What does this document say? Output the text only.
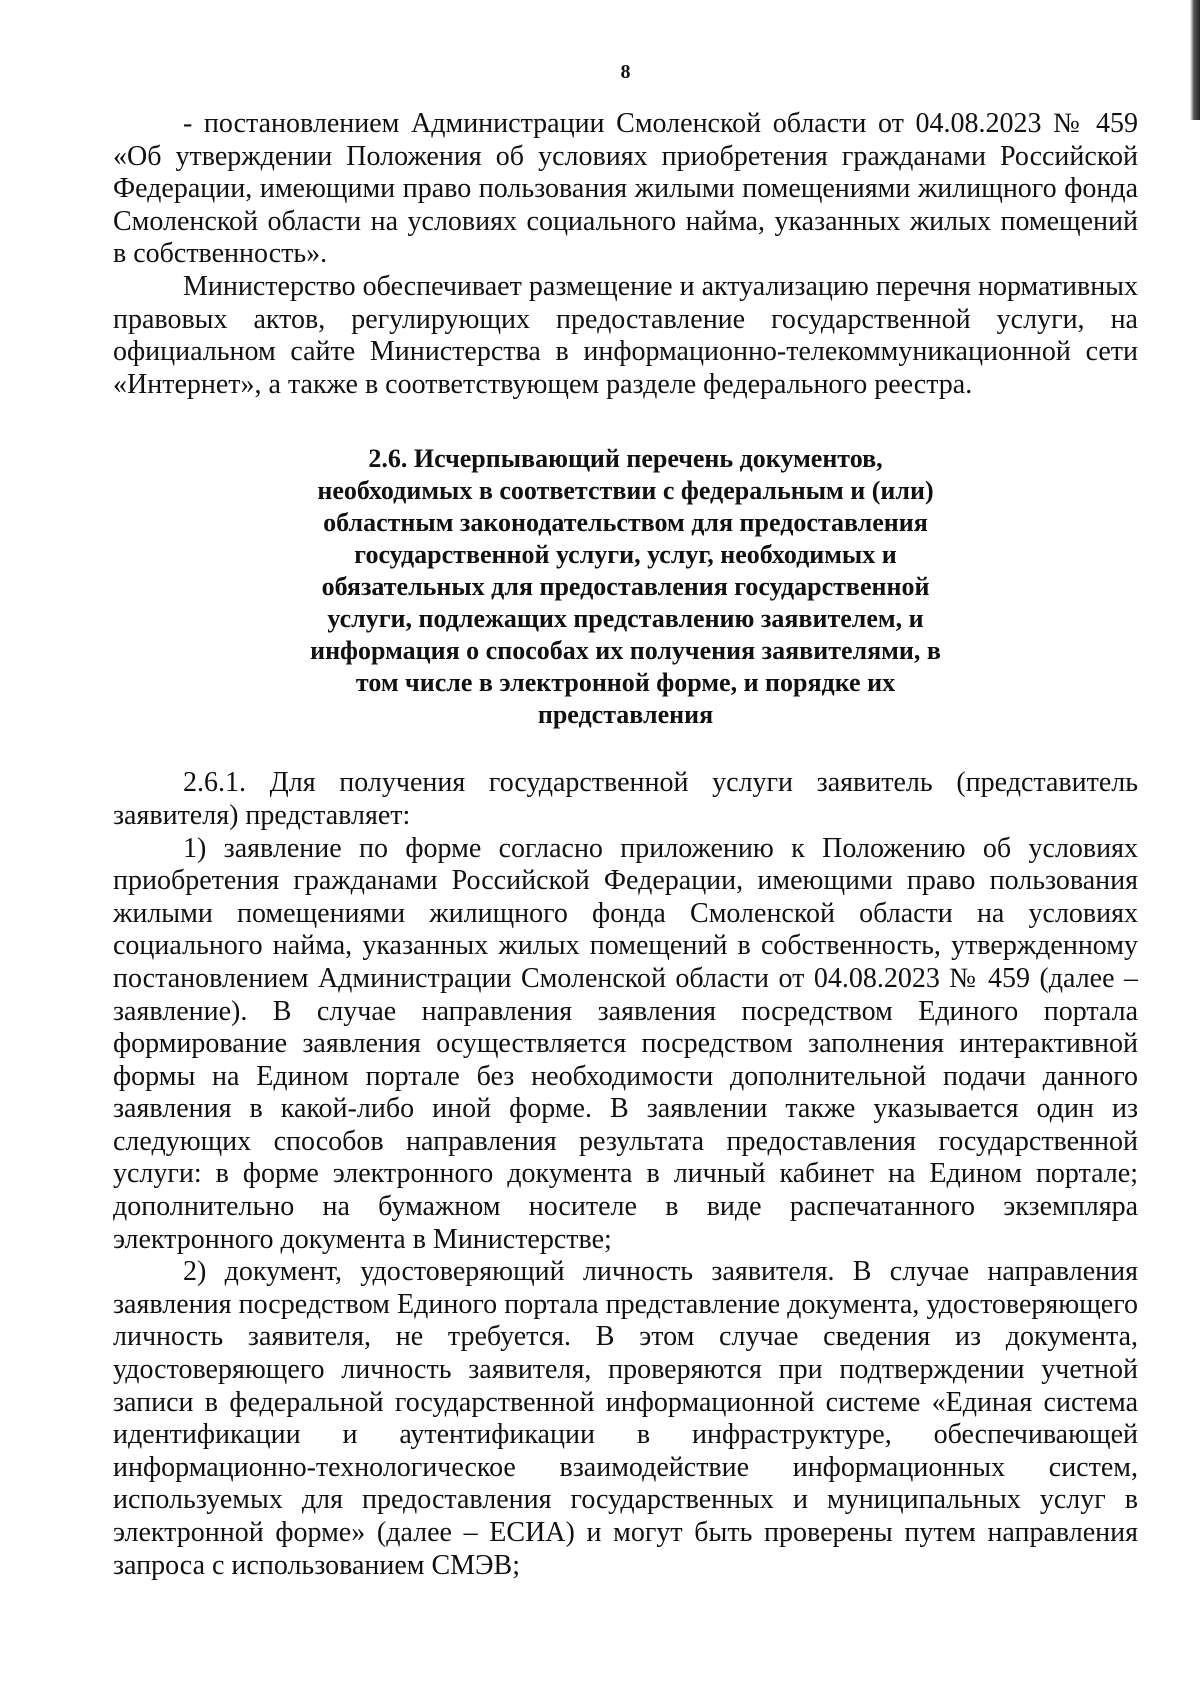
8

- постановлением Администрации Смоленской области от 04.08.2023 № 459 «Об утверждении Положения об условиях приобретения гражданами Российской Федерации, имеющими право пользования жилыми помещениями жилищного фонда Смоленской области на условиях социального найма, указанных жилых помещений в собственность».

Министерство обеспечивает размещение и актуализацию перечня нормативных правовых актов, регулирующих предоставление государственной услуги, на официальном сайте Министерства в информационно-телекоммуникационной сети «Интернет», а также в соответствующем разделе федерального реестра.

2.6. Исчерпывающий перечень документов,
необходимых в соответствии с федеральным и (или)
областным законодательством для предоставления
государственной услуги, услуг, необходимых и
обязательных для предоставления государственной
услуги, подлежащих представлению заявителем, и
информация о способах их получения заявителями, в
том числе в электронной форме, и порядке их
представления

2.6.1. Для получения государственной услуги заявитель (представитель заявителя) представляет:

1) заявление по форме согласно приложению к Положению об условиях приобретения гражданами Российской Федерации, имеющими право пользования жилыми помещениями жилищного фонда Смоленской области на условиях социального найма, указанных жилых помещений в собственность, утвержденному постановлением Администрации Смоленской области от 04.08.2023 № 459 (далее – заявление). В случае направления заявления посредством Единого портала формирование заявления осуществляется посредством заполнения интерактивной формы на Едином портале без необходимости дополнительной подачи данного заявления в какой-либо иной форме. В заявлении также указывается один из следующих способов направления результата предоставления государственной услуги: в форме электронного документа в личный кабинет на Едином портале; дополнительно на бумажном носителе в виде распечатанного экземпляра электронного документа в Министерстве;

2) документ, удостоверяющий личность заявителя. В случае направления заявления посредством Единого портала представление документа, удостоверяющего личность заявителя, не требуется. В этом случае сведения из документа, удостоверяющего личность заявителя, проверяются при подтверждении учетной записи в федеральной государственной информационной системе «Единая система идентификации и аутентификации в инфраструктуре, обеспечивающей информационно-технологическое взаимодействие информационных систем, используемых для предоставления государственных и муниципальных услуг в электронной форме» (далее – ЕСИА) и могут быть проверены путем направления запроса с использованием СМЭВ;
